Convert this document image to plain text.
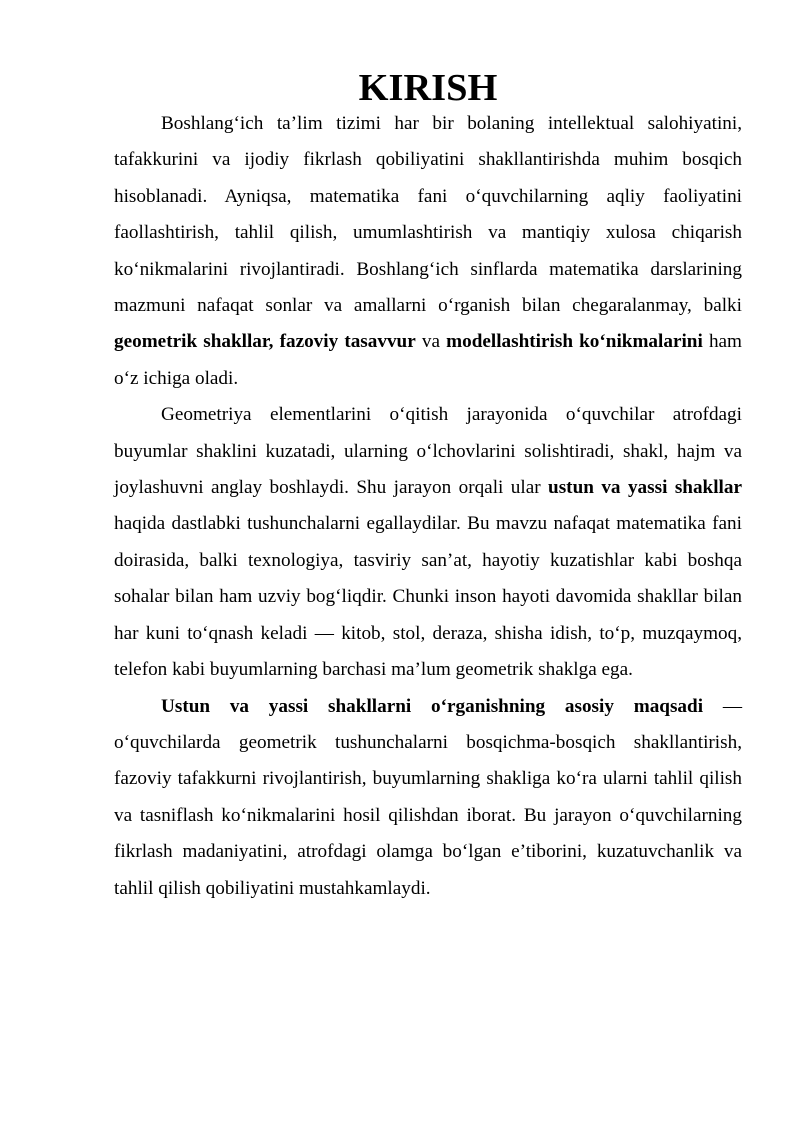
KIRISH

Boshlang‘ich ta’lim tizimi har bir bolaning intellektual salohiyatini, tafakkurini va ijodiy fikrlash qobiliyatini shakllantirishda muhim bosqich hisoblanadi. Ayniqsa, matematika fani o‘quvchilarning aqliy faoliyatini faollashtirish, tahlil qilish, umumlashtirish va mantiqiy xulosa chiqarish ko‘nikmalarini rivojlantiradi. Boshlang‘ich sinflarda matematika darslarining mazmuni nafaqat sonlar va amallarni o‘rganish bilan chegaralanmay, balki geometrik shakllar, fazoviy tasavvur va modellashtirish ko‘nikmalarini ham o‘z ichiga oladi.

Geometriya elementlarini o‘qitish jarayonida o‘quvchilar atrofdagi buyumlar shaklini kuzatadi, ularning o‘lchovlarini solishtiradi, shakl, hajm va joylashuvni anglay boshlaydi. Shu jarayon orqali ular ustun va yassi shakllar haqida dastlabki tushunchalarni egallaydilar. Bu mavzu nafaqat matematika fani doirasida, balki texnologiya, tasviriy san’at, hayotiy kuzatishlar kabi boshqa sohalar bilan ham uzviy bog‘liqdir. Chunki inson hayoti davomida shakllar bilan har kuni to‘qnash keladi — kitob, stol, deraza, shisha idish, to‘p, muzqaymoq, telefon kabi buyumlarning barchasi ma’lum geometrik shaklga ega.

Ustun va yassi shakllarni o‘rganishning asosiy maqsadi — o‘quvchilarda geometrik tushunchalarni bosqichma-bosqich shakllantirish, fazoviy tafakkurni rivojlantirish, buyumlarning shakliga ko‘ra ularni tahlil qilish va tasniflash ko‘nikmalarini hosil qilishdan iborat. Bu jarayon o‘quvchilarning fikrlash madaniyatini, atrofdagi olamga bo‘lgan e’tiborini, kuzatuvchanlik va tahlil qilish qobiliyatini mustahkamlaydi.
